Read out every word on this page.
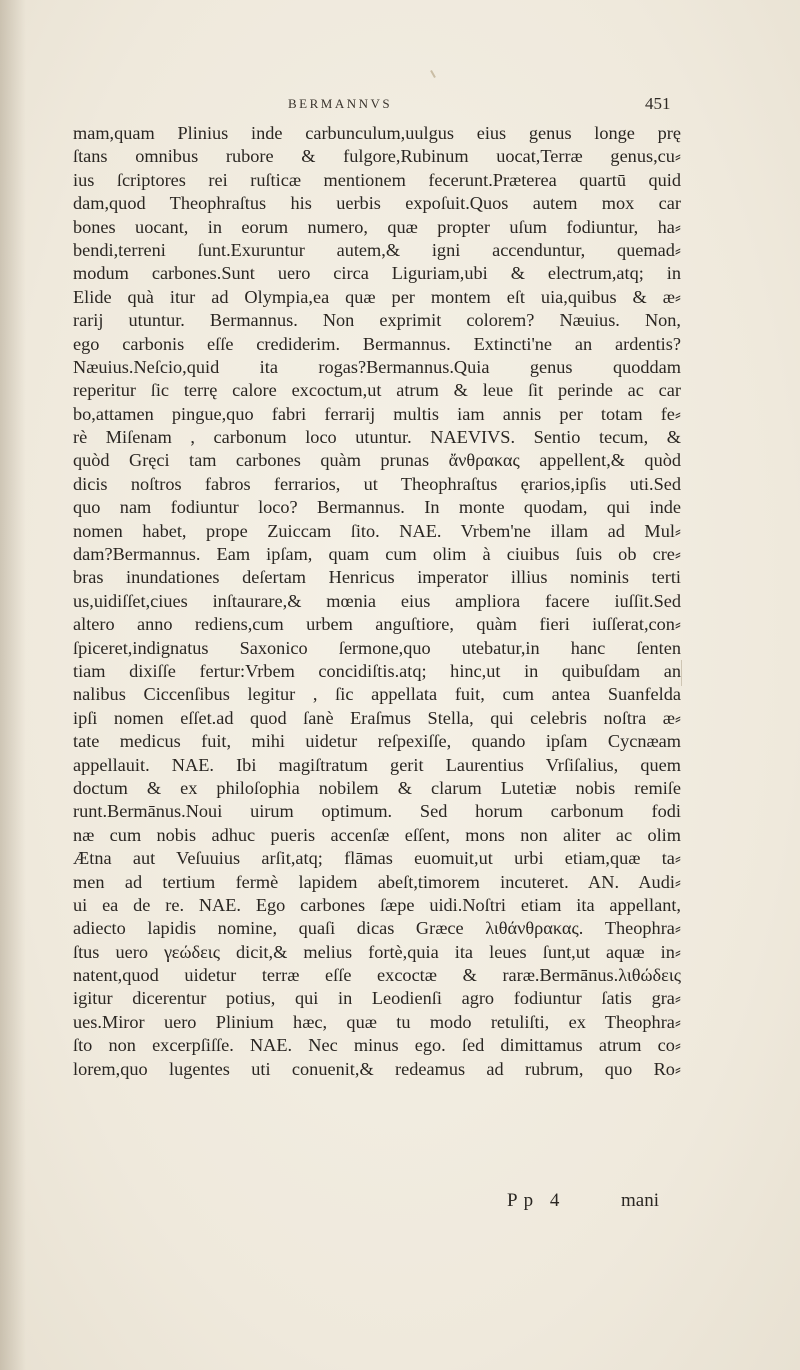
BERMANNVS	451
mam,quam Plinius inde carbunculum,uulgus eius genus longe prę
ſtans omnibus rubore & fulgore,Rubinum uocat,Terræ genus,cu⸗
ius ſcriptores rei ruſticæ mentionem fecerunt.Præterea quartū quid
dam,quod Theophraſtus his uerbis expoſuit.Quos autem mox car
bones uocant, in eorum numero, quæ propter uſum fodiuntur, ha⸗
bendi,terreni ſunt.Exuruntur autem,& igni accenduntur, quemad⸗
modum carbones.Sunt uero circa Liguriam,ubi & electrum,atq; in
Elide quà itur ad Olympia,ea quæ per montem eſt uia,quibus & æ⸗
rarij utuntur. Bermannus. Non exprimit colorem? Næuius. Non,
ego carbonis eſſe crediderim. Bermannus. Extincti'ne an ardentis?
Næuius.Neſcio,quid ita rogas?Bermannus.Quia genus quoddam
reperitur ſic terrę calore excoctum,ut atrum & leue ſit perinde ac car
bo,attamen pingue,quo fabri ferrarij multis iam annis per totam fe⸗
rè Miſenam , carbonum loco utuntur. NAEVIVS. Sentio tecum, &
quòd Gręci tam carbones quàm prunas ἄνθρακας appellent,& quòd
dicis noſtros fabros ferrarios, ut Theophraſtus ęrarios,ipſis uti.Sed
quo nam fodiuntur loco? Bermannus. In monte quodam, qui inde
nomen habet, prope Zuiccam ſito. NAE. Vrbem'ne illam ad Mul⸗
dam?Bermannus. Eam ipſam, quam cum olim à ciuibus ſuis ob cre⸗
bras inundationes deſertam Henricus imperator illius nominis terti
us,uidiſſet,ciues inſtaurare,& mœnia eius ampliora facere iuſſit.Sed
altero anno rediens,cum urbem anguſtiore, quàm fieri iuſſerat,con⸗
ſpiceret,indignatus Saxonico ſermone,quo utebatur,in hanc ſenten
tiam dixiſſe fertur:Vrbem concidiſtis.atq; hinc,ut in quibuſdam an
nalibus Ciccenſibus legitur , ſic appellata fuit, cum antea Suanfelda
ipſi nomen eſſet.ad quod ſanè Eraſmus Stella, qui celebris noſtra æ⸗
tate medicus fuit, mihi uidetur reſpexiſſe, quando ipſam Cycnæam
appellauit. NAE. Ibi magiſtratum gerit Laurentius Vrſiſalius, quem
doctum & ex philoſophia nobilem & clarum Lutetiæ nobis remiſe
runt.Bermānus.Noui uirum optimum. Sed horum carbonum fodi
næ cum nobis adhuc pueris accenſæ eſſent, mons non aliter ac olim
Ætna aut Veſuuius arſit,atq; flāmas euomuit,ut urbi etiam,quæ ta⸗
men ad tertium fermè lapidem abeſt,timorem incuteret. AN. Audi⸗
ui ea de re. NAE. Ego carbones ſæpe uidi.Noſtri etiam ita appellant,
adiecto lapidis nomine, quaſi dicas Græce λιθάνθρακας. Theophra⸗
ſtus uero γεώδεις dicit,& melius fortè,quia ita leues ſunt,ut aquæ in⸗
natent,quod uidetur terræ eſſe excoctæ & raræ.Bermānus.λιθώδεις
igitur dicerentur potius, qui in Leodienſi agro fodiuntur ſatis gra⸗
ues.Miror uero Plinium hæc, quæ tu modo retuliſti, ex Theophra⸗
ſto non excerpſiſſe. NAE. Nec minus ego. ſed dimittamus atrum co⸗
lorem,quo lugentes uti conuenit,& redeamus ad rubrum, quo Ro⸗
Pp 4	mani
